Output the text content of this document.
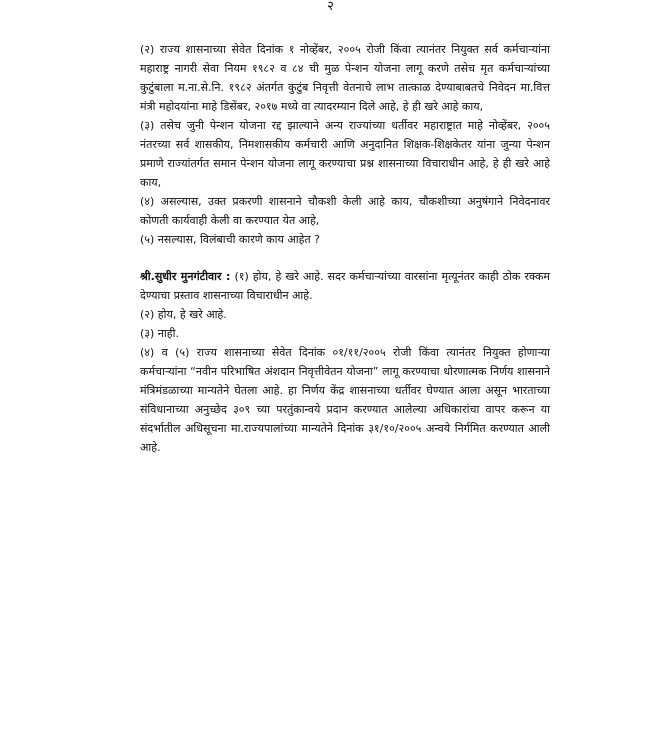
२

(२) राज्य शासनाच्या सेवेत दिनांक १ नोव्हेंबर, २००५ रोजी किंवा त्यानंतर नियुक्त सर्व कर्मचाऱ्यांना महाराष्ट्र नागरी सेवा नियम १९८२ व ८४ ची मुळ पेन्शन योजना लागू करणे तसेच मृत कर्मचाऱ्यांच्या कुटुंबाला म.ना.से.नि. १९८२ अंतर्गत कुटुंब निवृत्ती वेतनाचे लाभ तात्काळ देण्याबाबतचे निवेदन मा.वित्त मंत्री महोदयांना माहे डिसेंबर, २०१७ मध्ये वा त्यादरम्यान दिले आहे, हे ही खरे आहे काय,

(३) तसेच जुनी पेन्शन योजना रद्द झाल्याने अन्य राज्यांच्या धर्तीवर महाराष्ट्रात माहे नोव्हेंबर, २००५ नंतरच्या सर्व शासकीय, निमशासकीय कर्मचारी आणि अनुदानित शिक्षक-शिक्षकेतर यांना जुन्या पेन्शन प्रमाणे राज्यांतर्गत समान पेन्शन योजना लागू करण्याचा प्रश्न शासनाच्या विचाराधीन आहे, हे ही खरे आहे काय,

(४) असल्यास, उक्त प्रकरणी शासनाने चौकशी केली आहे काय, चौकशीच्या अनुषंगाने निवेदनावर कोणती कार्यवाही केली वा करण्यात येत आहे,

(५) नसल्यास, विलंबाची कारणे काय आहेत ?

श्री.सुधीर मुनगंटीवार : (१) होय, हे खरे आहे. सदर कर्मचाऱ्यांच्या वारसांना मृत्यूनंतर काही ठोक रक्कम देण्याचा प्रस्ताव शासनाच्या विचाराधीन आहे.

(२) होय, हे खरे आहे.

(३) नाही.

(४) व (५) राज्य शासनाच्या सेवेत दिनांक ०१/११/२००५ रोजी किंवा त्यानंतर नियुक्त होणाऱ्या कर्मचाऱ्यांना “नवीन परिभाषित अंशदान निवृत्तीवेतन योजना” लागू करण्याचा धोरणात्मक निर्णय शासनाने मंत्रिमंडळाच्या मान्यतेने घेतला आहे. हा निर्णय केंद्र शासनाच्या धर्तीवर घेण्यात आला असून भारताच्या संविधानाच्या अनुच्छेद ३०९ च्या परतुंकान्वये प्रदान करण्यात आलेल्या अधिकारांचा वापर करून या संदर्भातील अधिसूचना मा.राज्यपालांच्या मान्यतेने दिनांक ३१/१०/२००५ अन्वये निर्गमित करण्यात आली आहे.
